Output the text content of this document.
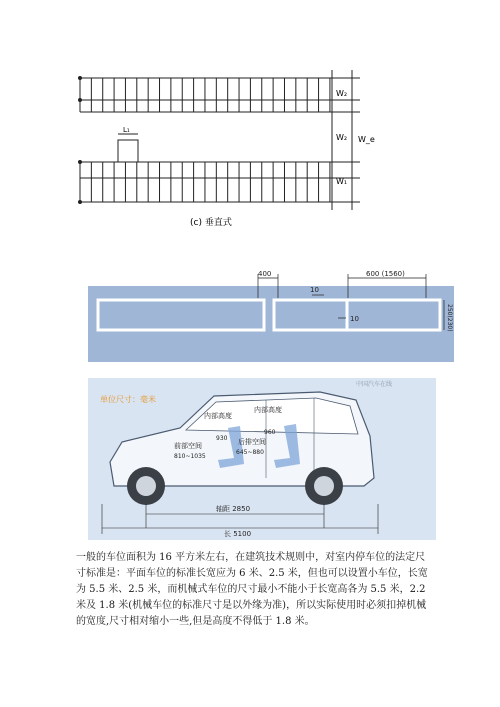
W₂
W₂
W₁
W_e
L₁
(c) 垂直式
400	600 (1560)
10
10	250(230)
单位尺寸：毫米
中国汽车在线
内部高度
内部高度
930
960
前部空间
810~1035
后排空间
645~880
轴距 2850
长 5100

一般的车位面积为 16 平方米左右，在建筑技术规则中，对室内停车位的法定尺寸标准是：平面车位的标准长宽应为 6 米、2.5 米，但也可以设置小车位，长宽为 5.5 米、2.5 米，而机械式车位的尺寸最小不能小于长宽高各为 5.5 米，2.2 米及 1.8 米(机械车位的标准尺寸是以外缘为准)，所以实际使用时必须扣掉机械的宽度,尺寸相对缩小一些,但是高度不得低于 1.8 米。
